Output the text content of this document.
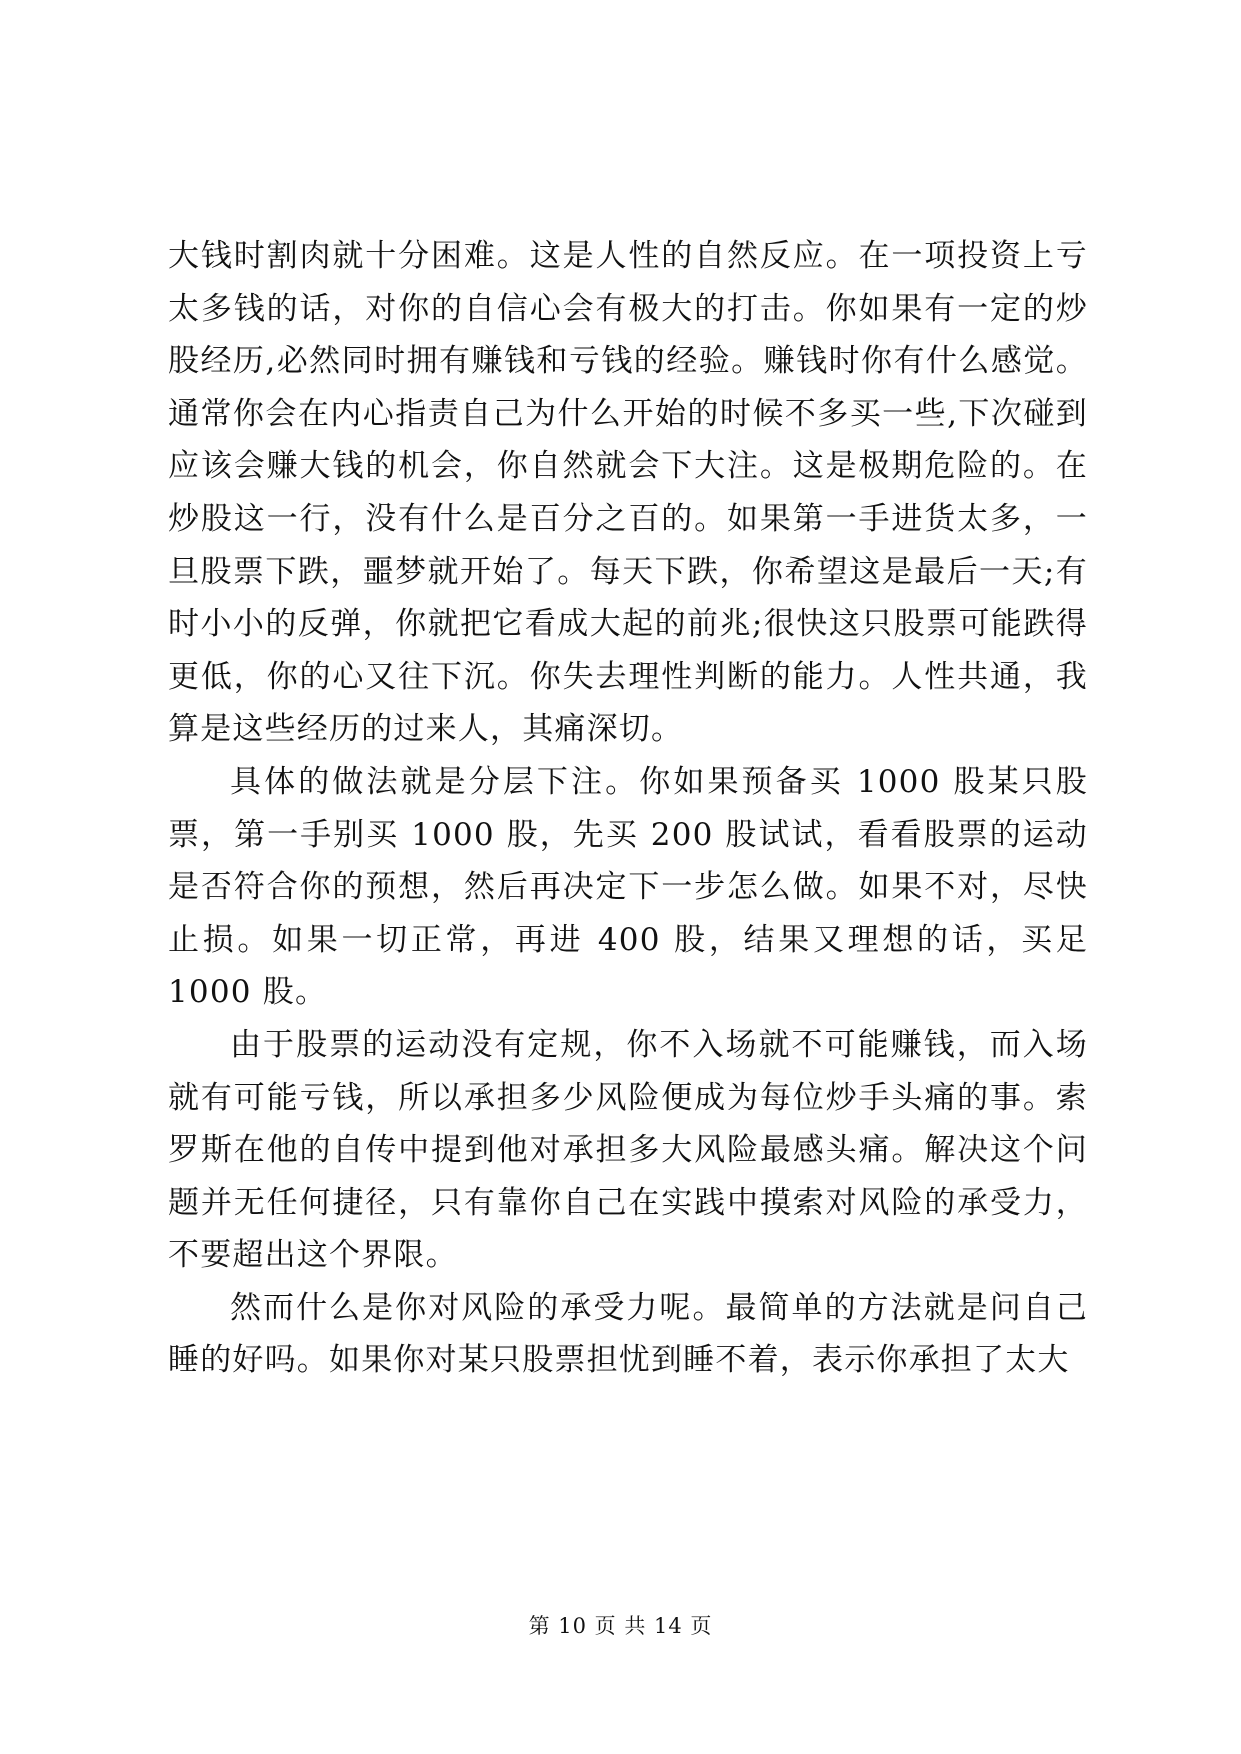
大钱时割肉就十分困难。这是人性的自然反应。在一项投资上亏太多钱的话，对你的自信心会有极大的打击。你如果有一定的炒股经历,必然同时拥有赚钱和亏钱的经验。赚钱时你有什么感觉。通常你会在内心指责自己为什么开始的时候不多买一些,下次碰到应该会赚大钱的机会，你自然就会下大注。这是极期危险的。在炒股这一行，没有什么是百分之百的。如果第一手进货太多，一旦股票下跌，噩梦就开始了。每天下跌，你希望这是最后一天;有时小小的反弹，你就把它看成大起的前兆;很快这只股票可能跌得更低，你的心又往下沉。你失去理性判断的能力。人性共通，我算是这些经历的过来人，其痛深切。

具体的做法就是分层下注。你如果预备买 1000 股某只股票，第一手别买 1000 股，先买 200 股试试，看看股票的运动是否符合你的预想，然后再决定下一步怎么做。如果不对，尽快止损。如果一切正常，再进 400 股，结果又理想的话，买足 1000 股。

由于股票的运动没有定规，你不入场就不可能赚钱，而入场就有可能亏钱，所以承担多少风险便成为每位炒手头痛的事。索罗斯在他的自传中提到他对承担多大风险最感头痛。解决这个问题并无任何捷径，只有靠你自己在实践中摸索对风险的承受力，不要超出这个界限。

然而什么是你对风险的承受力呢。最简单的方法就是问自己睡的好吗。如果你对某只股票担忧到睡不着，表示你承担了太大

第 10 页 共 14 页
